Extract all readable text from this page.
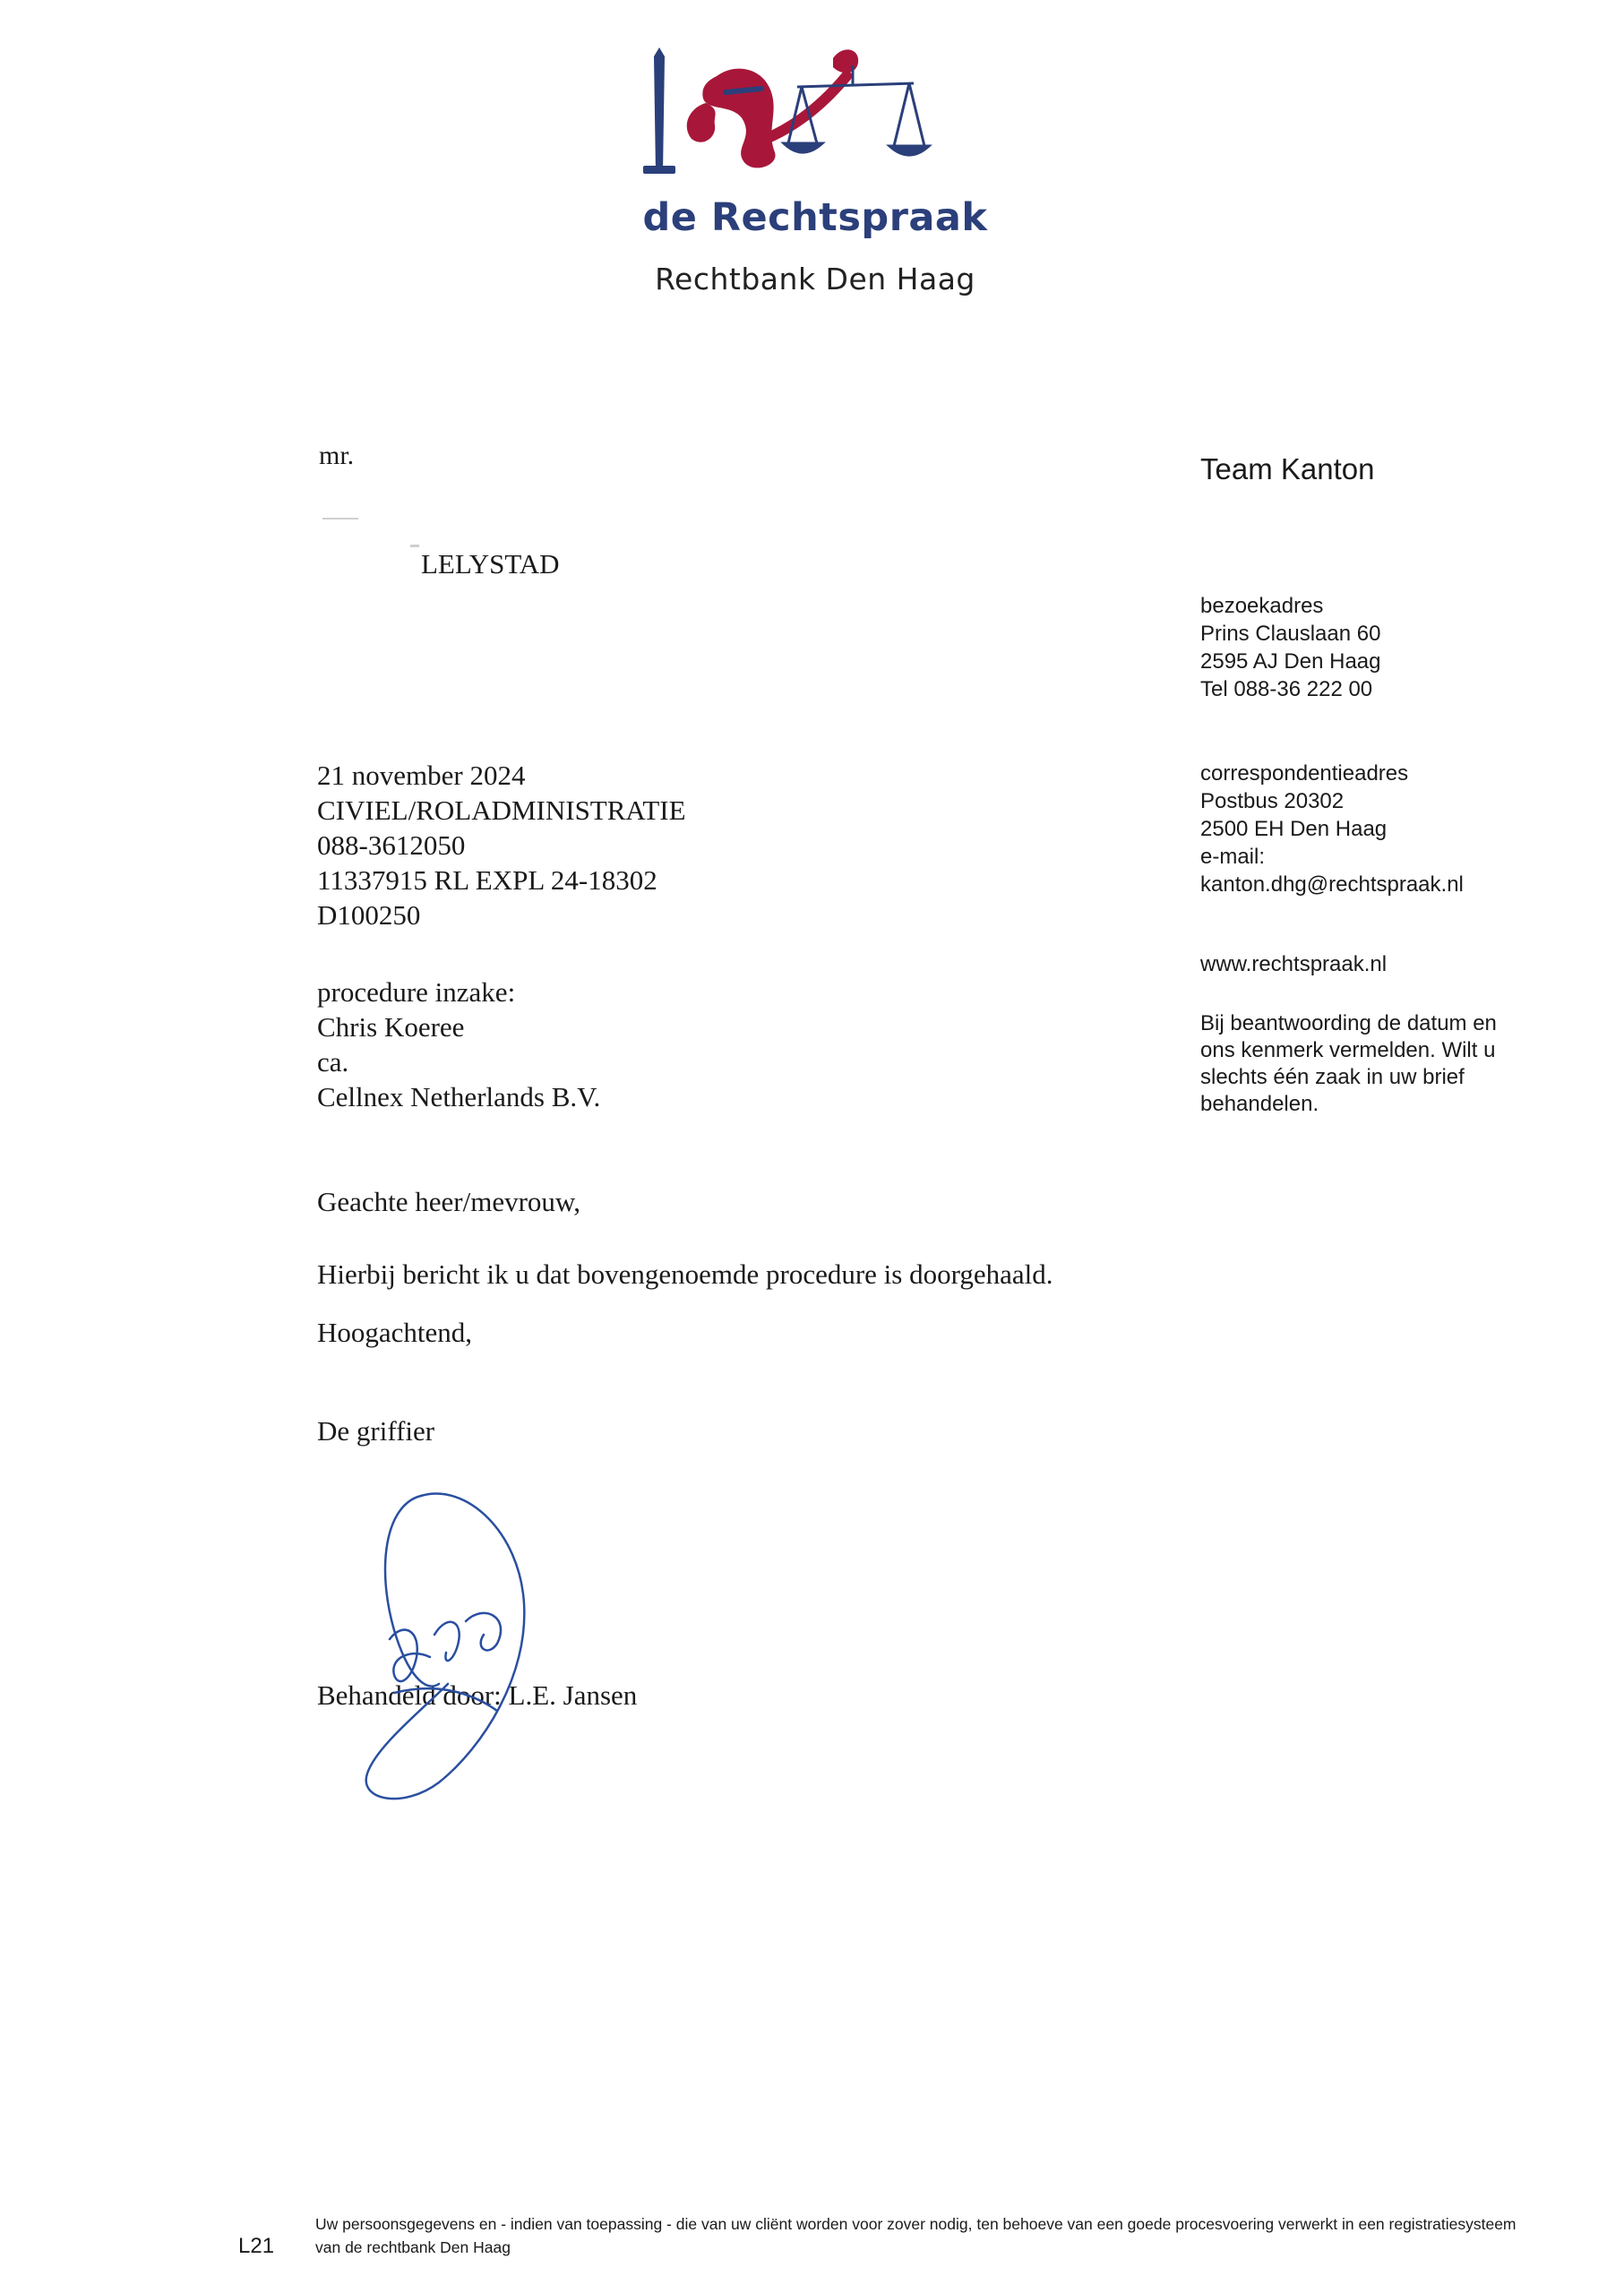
de Rechtspraak
Rechtbank Den Haag
mr.
LELYSTAD
Team Kanton
bezoekadres
Prins Clauslaan 60
2595 AJ Den Haag
Tel 088-36 222 00
correspondentieadres
Postbus 20302
2500 EH Den Haag
e-mail:
kanton.dhg@rechtspraak.nl
www.rechtspraak.nl
Bij beantwoording de datum en ons kenmerk vermelden. Wilt u slechts één zaak in uw brief behandelen.
21 november 2024
CIVIEL/ROLADMINISTRATIE
088-3612050
11337915 RL EXPL 24-18302
D100250
procedure inzake:
Chris Koeree
ca.
Cellnex Netherlands B.V.
Geachte heer/mevrouw,
Hierbij bericht ik u dat bovengenoemde procedure is doorgehaald.
Hoogachtend,
De griffier
Behandeld door: L.E. Jansen
L21
Uw persoonsgegevens en - indien van toepassing - die van uw cliënt worden voor zover nodig, ten behoeve van een goede procesvoering verwerkt in een registratiesysteem van de rechtbank Den Haag
